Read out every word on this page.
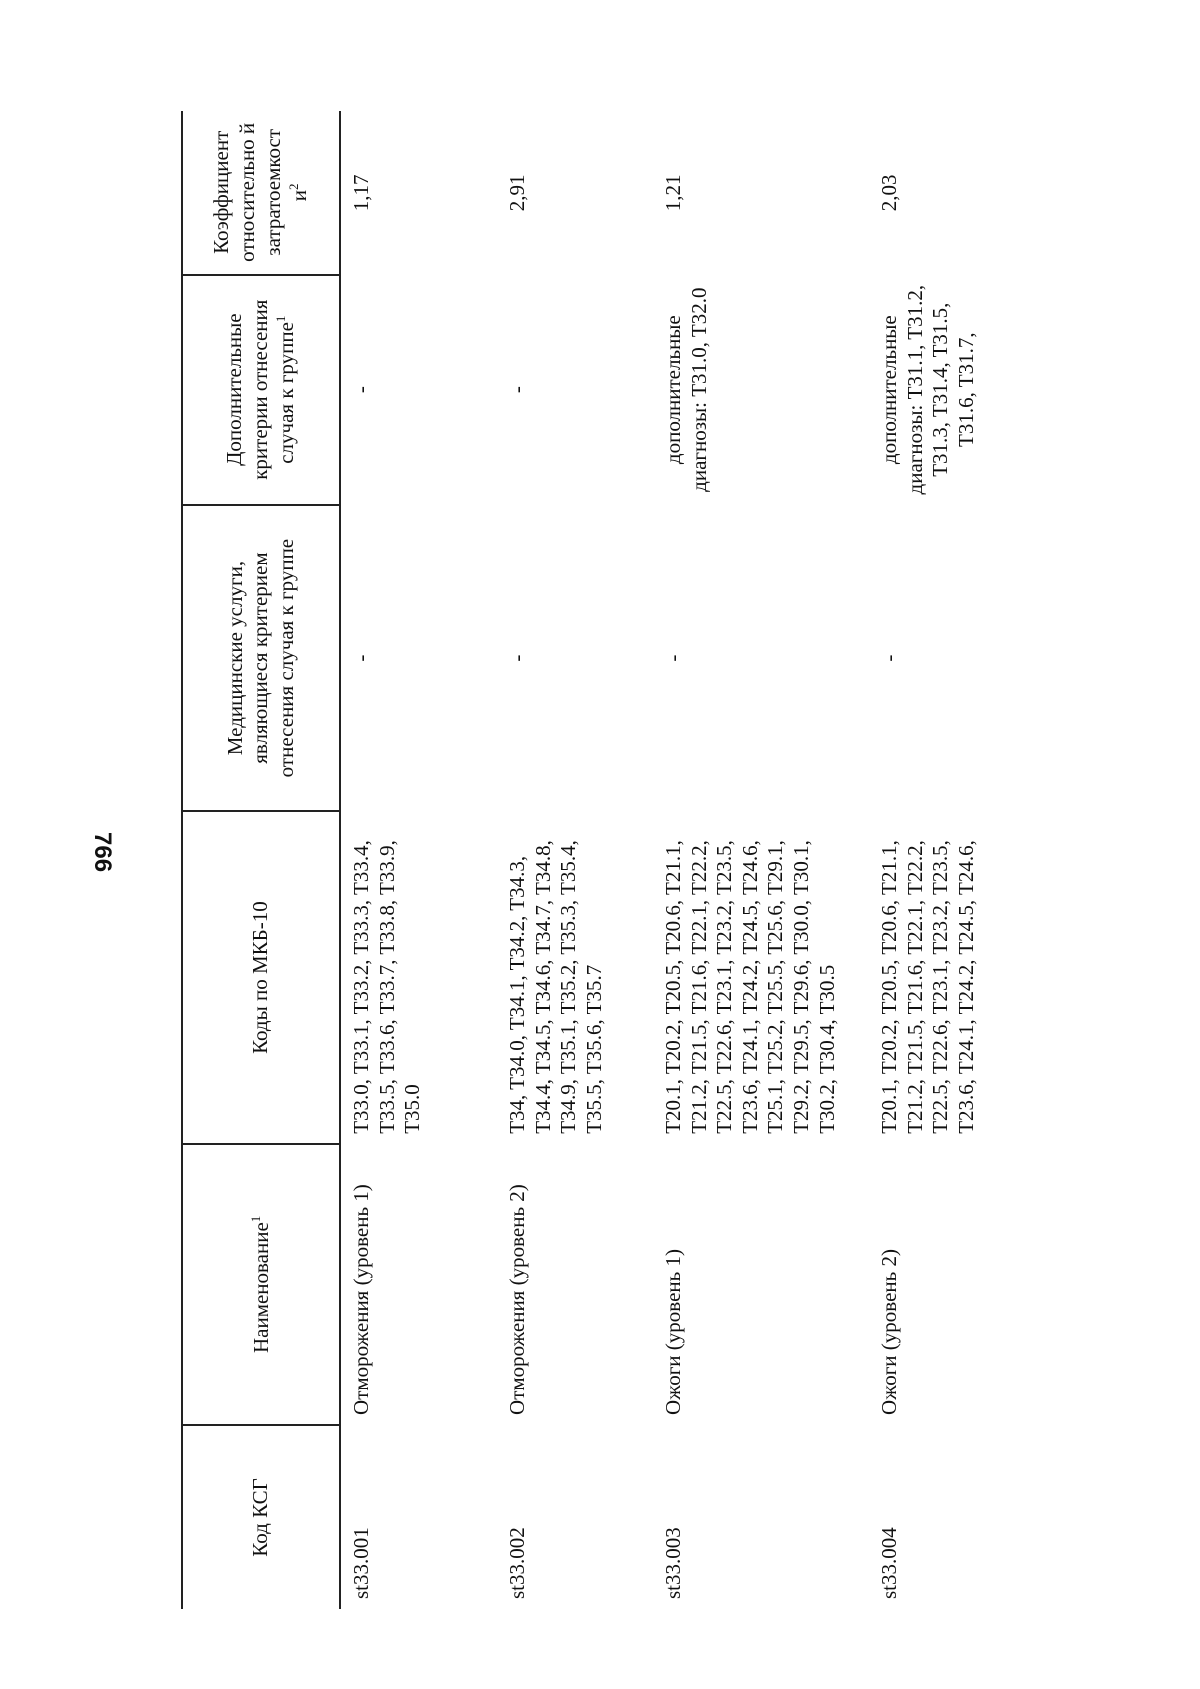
766
Код КСГ	Наименование$^1$	Коды по МКБ-10	Медицинские услуги, являющиеся критерием отнесения случая к группе	Дополнительные критерии отнесения случая к группе$^1$	Коэффициент относительно й затратоемкост $и^2$
st33.001	Отморожения (уровень 1)	T33.0, T33.1, T33.2, T33.3, T33.4, T33.5, T33.6, T33.7, T33.8, T33.9, T35.0	-	-	1,17
st33.002	Отморожения (уровень 2)	T34, T34.0, T34.1, T34.2, T34.3, T34.4, T34.5, T34.6, T34.7, T34.8, T34.9, T35.1, T35.2, T35.3, T35.4, T35.5, T35.6, T35.7	-	-	2,91
st33.003	Ожоги (уровень 1)	T20.1, T20.2, T20.5, T20.6, T21.1, T21.2, T21.5, T21.6, T22.1, T22.2, T22.5, T22.6, T23.1, T23.2, T23.5, T23.6, T24.1, T24.2, T24.5, T24.6, T25.1, T25.2, T25.5, T25.6, T29.1, T29.2, T29.5, T29.6, T30.0, T30.1, T30.2, T30.4, T30.5	-	дополнительные диагнозы: T31.0, T32.0	1,21
st33.004	Ожоги (уровень 2)	T20.1, T20.2, T20.5, T20.6, T21.1, T21.2, T21.5, T21.6, T22.1, T22.2, T22.5, T22.6, T23.1, T23.2, T23.5, T23.6, T24.1, T24.2, T24.5, T24.6,	-	дополнительные диагнозы: T31.1, T31.2, T31.3, T31.4, T31.5, T31.6, T31.7,	2,03
